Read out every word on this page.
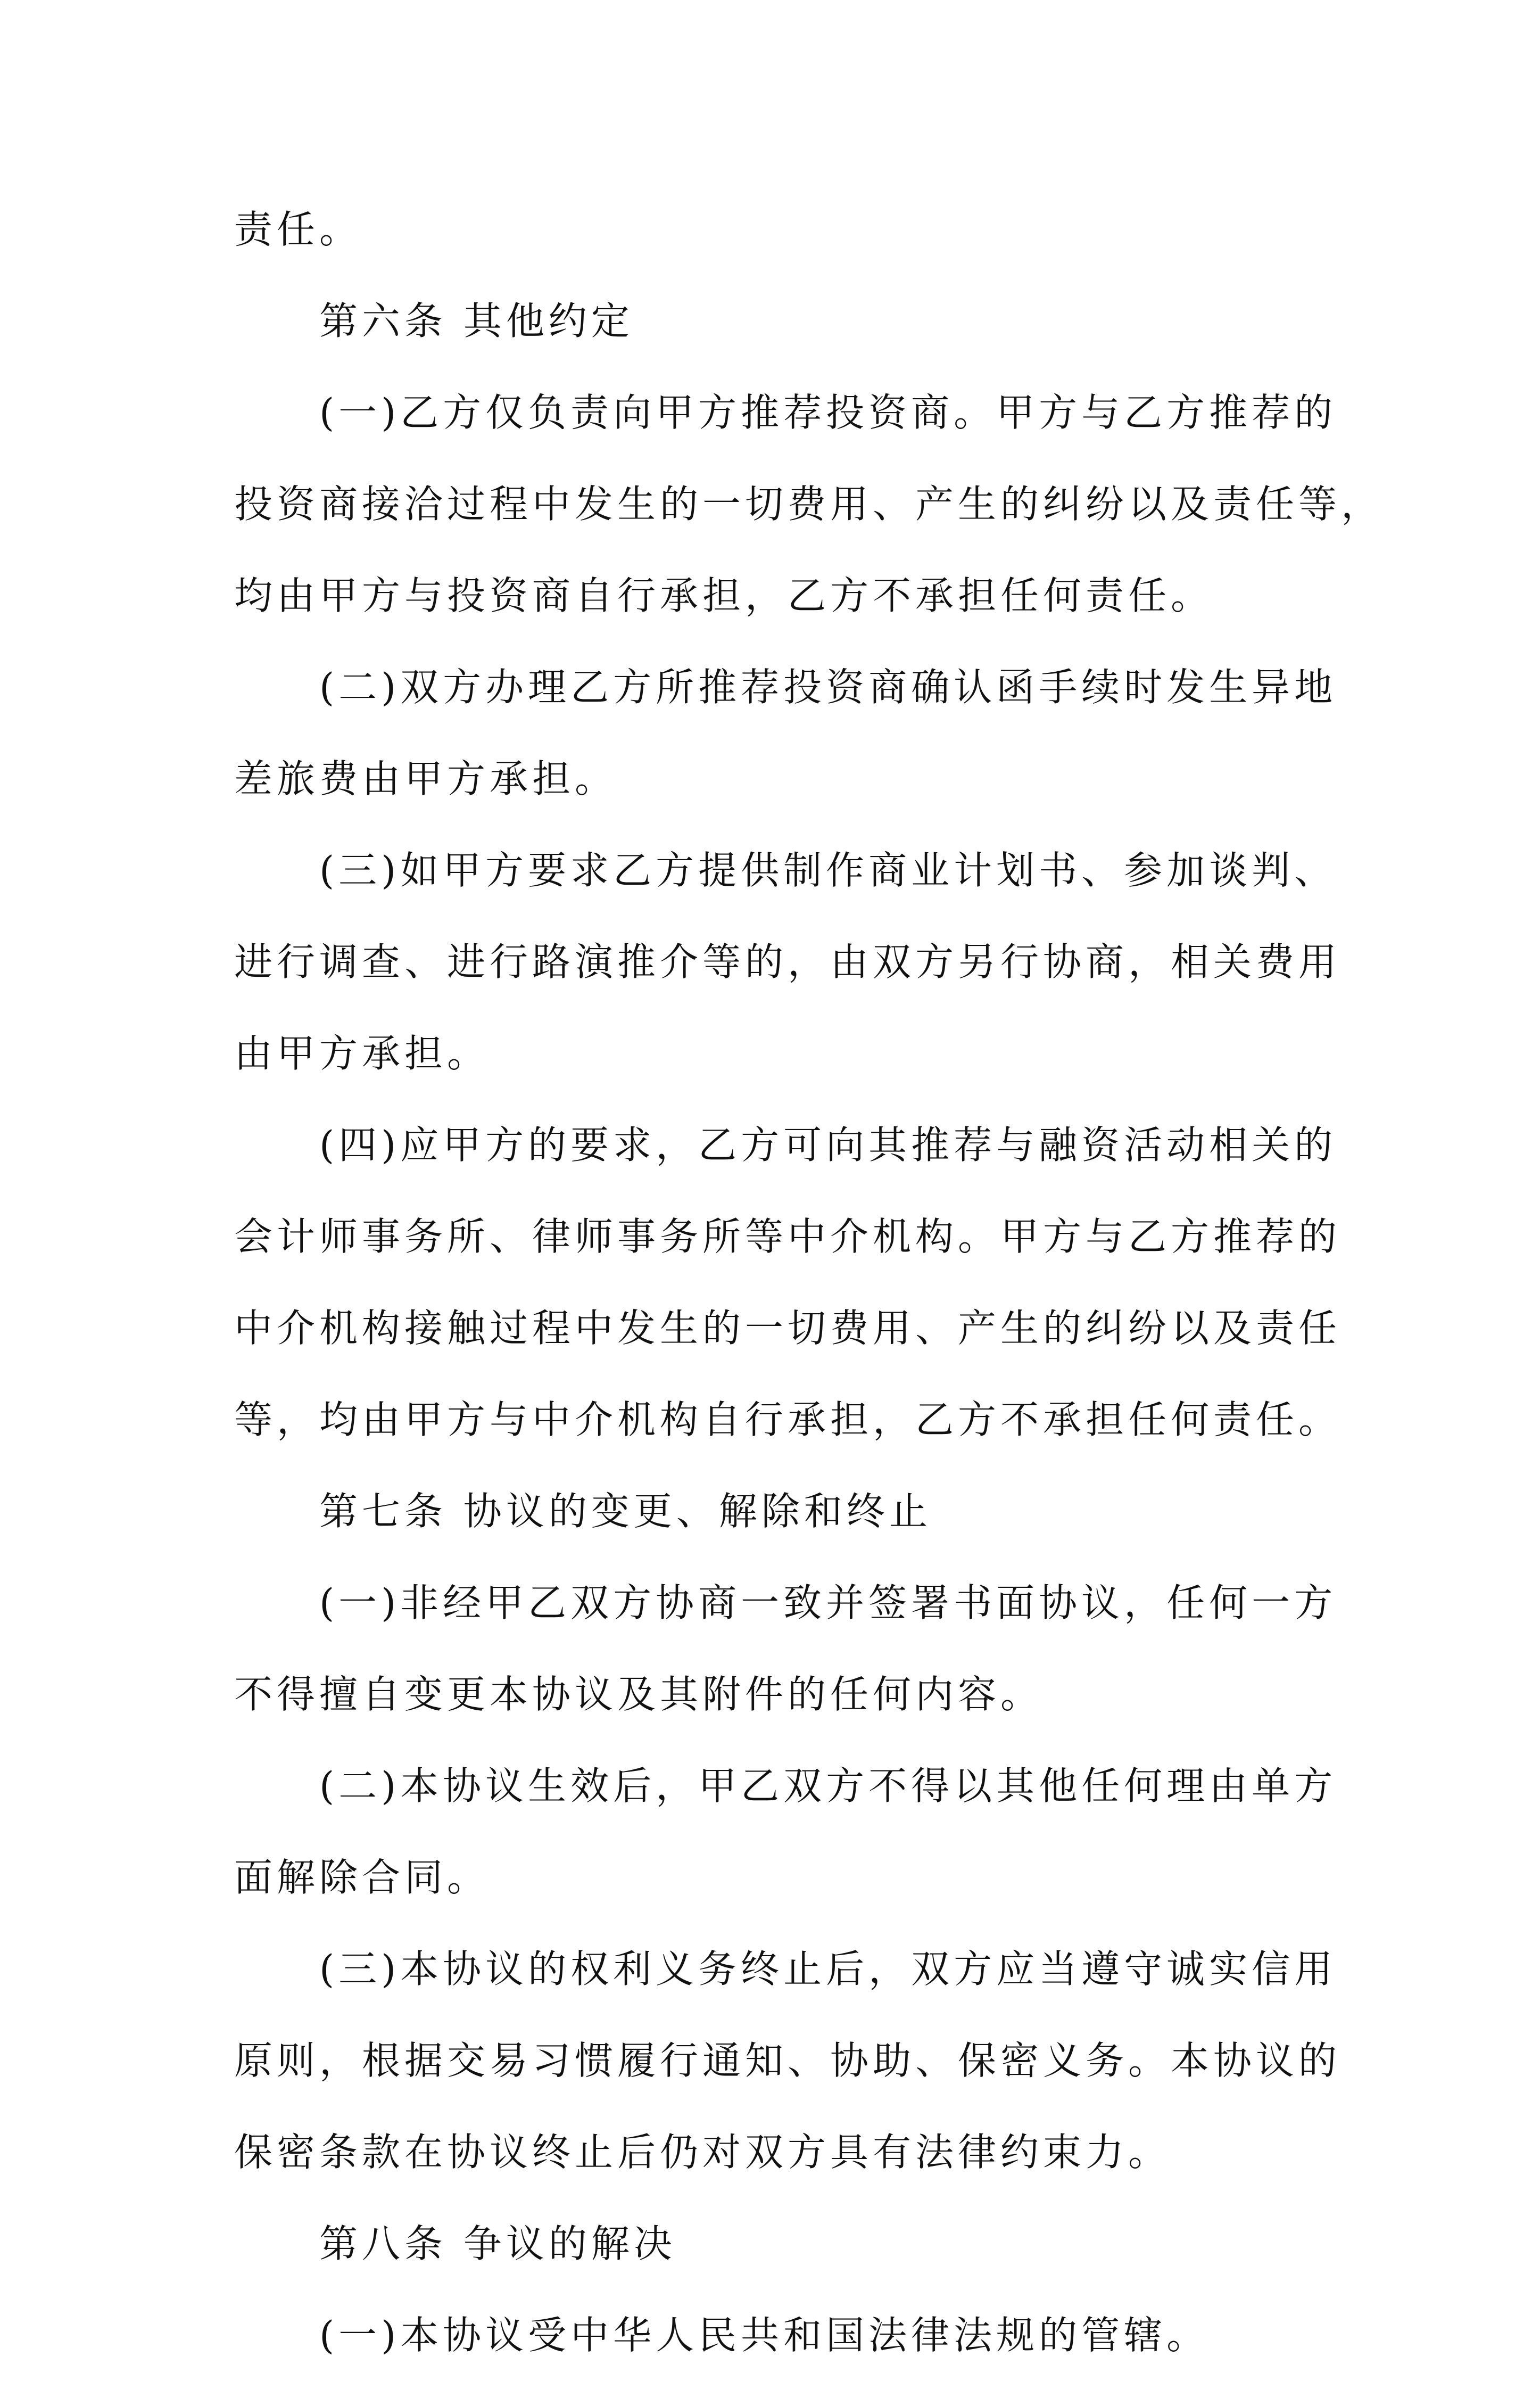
责任。
第六条 其他约定
(一)乙方仅负责向甲方推荐投资商。甲方与乙方推荐的
投资商接洽过程中发生的一切费用、产生的纠纷以及责任等，
均由甲方与投资商自行承担，乙方不承担任何责任。
(二)双方办理乙方所推荐投资商确认函手续时发生异地
差旅费由甲方承担。
(三)如甲方要求乙方提供制作商业计划书、参加谈判、
进行调查、进行路演推介等的，由双方另行协商，相关费用
由甲方承担。
(四)应甲方的要求，乙方可向其推荐与融资活动相关的
会计师事务所、律师事务所等中介机构。甲方与乙方推荐的
中介机构接触过程中发生的一切费用、产生的纠纷以及责任
等，均由甲方与中介机构自行承担，乙方不承担任何责任。
第七条 协议的变更、解除和终止
(一)非经甲乙双方协商一致并签署书面协议，任何一方
不得擅自变更本协议及其附件的任何内容。
(二)本协议生效后，甲乙双方不得以其他任何理由单方
面解除合同。
(三)本协议的权利义务终止后，双方应当遵守诚实信用
原则，根据交易习惯履行通知、协助、保密义务。本协议的
保密条款在协议终止后仍对双方具有法律约束力。
第八条 争议的解决
(一)本协议受中华人民共和国法律法规的管辖。
